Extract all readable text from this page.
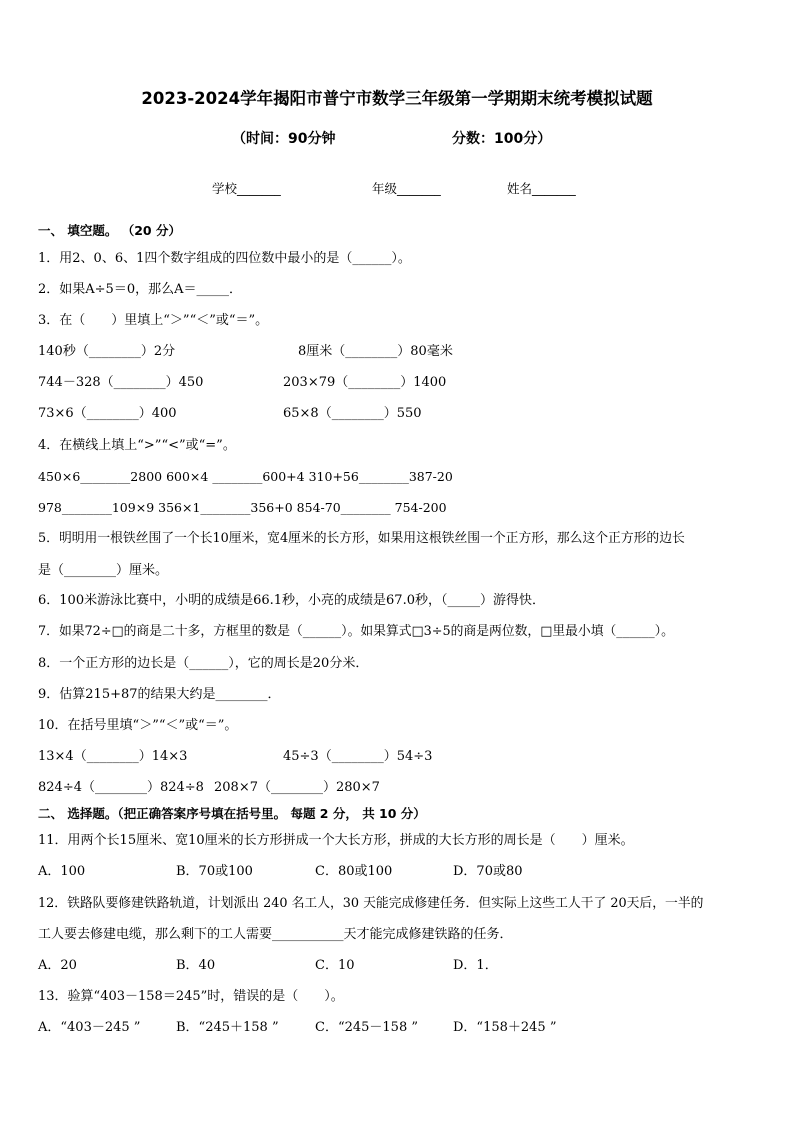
2023-2024学年揭阳市普宁市数学三年级第一学期期末统考模拟试题
（时间：90分钟	分数：100分）
学校_______	年级_______	姓名_______
一、 填空题。 （20 分）
1．用2、0、6、1四个数字组成的四位数中最小的是（______）。
2．如果A÷5＝0，那么A＝_____．
3．在（　　）里填上“＞”“＜”或“＝”。
140秒（________）2分	8厘米（________）80毫米
744－328（________）450	203×79（________）1400
73×6（________）400	65×8（________）550
4．在横线上填上“>”“<”或“=”。
450×6________2800 600×4 ________600+4 310+56________387-20
978________109×9 356×1________356+0 854-70________ 754-200
5．明明用一根铁丝围了一个长10厘米，宽4厘米的长方形，如果用这根铁丝围一个正方形，那么这个正方形的边长
是（________）厘米。
6．100米游泳比赛中，小明的成绩是66.1秒，小亮的成绩是67.0秒，（_____）游得快．
7．如果72÷□的商是二十多，方框里的数是（______）。如果算式□3÷5的商是两位数，□里最小填（______）。
8．一个正方形的边长是（______），它的周长是20分米．
9．估算215+87的结果大约是________．
10．在括号里填“＞”“＜”或“＝”。
13×4（________）14×3	45÷3（________）54÷3
824÷4（________）824÷8 208×7（________）280×7
二、 选择题。（把正确答案序号填在括号里。 每题 2 分， 共 10 分）
11．用两个长15厘米、宽10厘米的长方形拼成一个大长方形，拼成的大长方形的周长是（　　）厘米。
A．100	B．70或100	C．80或100	D．70或80
12．铁路队要修建铁路轨道，计划派出 240 名工人，30 天能完成修建任务．但实际上这些工人干了 20天后，一半的
工人要去修建电缆，那么剩下的工人需要___________天才能完成修建铁路的任务．
A．20	B．40	C．10	D．1．
13．验算“403－158＝245”时，错误的是（　　）。
A．“403－245 ”	B．“245＋158 ”	C．“245－158 ”	D．“158＋245 ”
